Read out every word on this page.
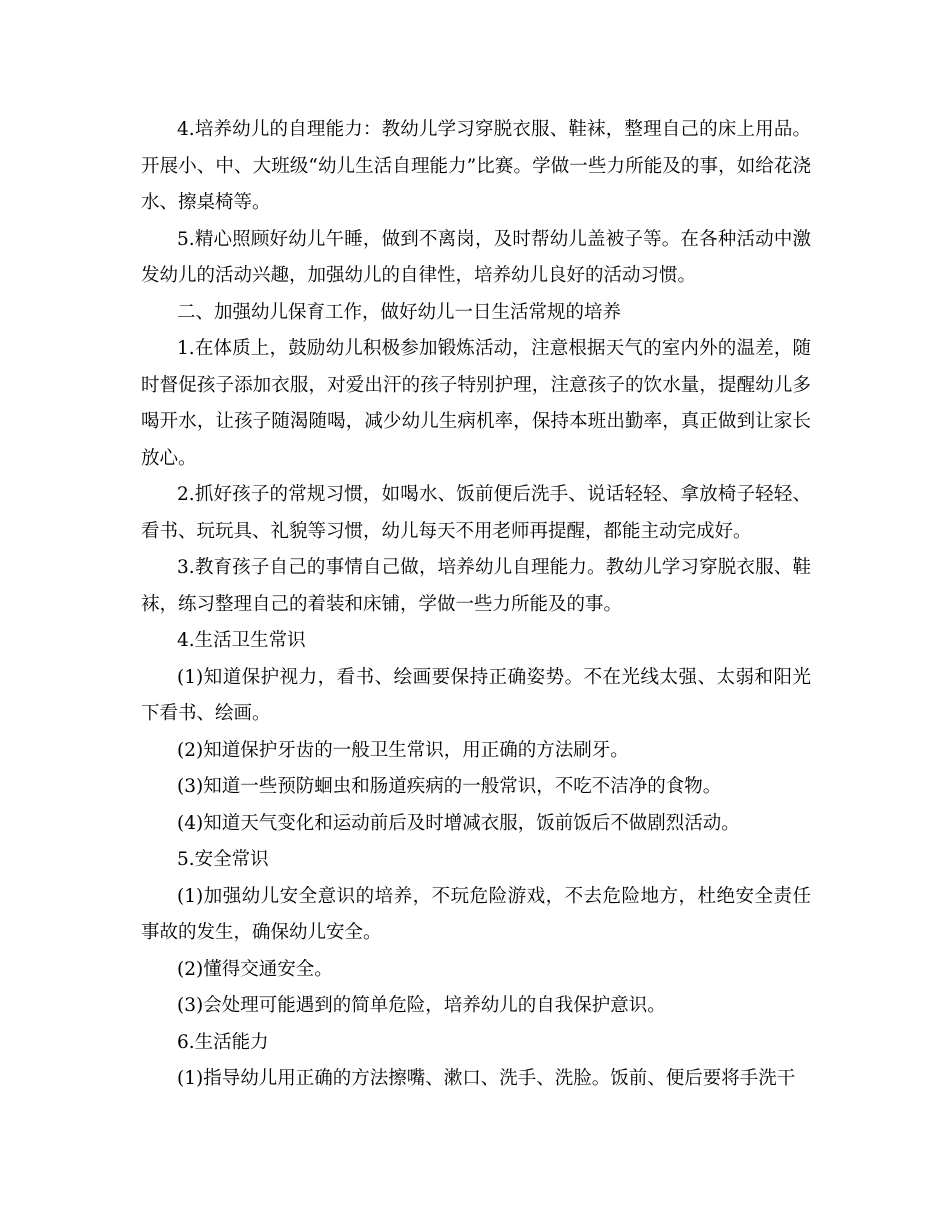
4.培养幼儿的自理能力：教幼儿学习穿脱衣服、鞋袜，整理自己的床上用品。开展小、中、大班级“幼儿生活自理能力”比赛。学做一些力所能及的事，如给花浇水、擦桌椅等。

5.精心照顾好幼儿午睡，做到不离岗，及时帮幼儿盖被子等。在各种活动中激发幼儿的活动兴趣，加强幼儿的自律性，培养幼儿良好的活动习惯。

二、加强幼儿保育工作，做好幼儿一日生活常规的培养

1.在体质上，鼓励幼儿积极参加锻炼活动，注意根据天气的室内外的温差，随时督促孩子添加衣服，对爱出汗的孩子特别护理，注意孩子的饮水量，提醒幼儿多喝开水，让孩子随渴随喝，减少幼儿生病机率，保持本班出勤率，真正做到让家长放心。

2.抓好孩子的常规习惯，如喝水、饭前便后洗手、说话轻轻、拿放椅子轻轻、看书、玩玩具、礼貌等习惯，幼儿每天不用老师再提醒，都能主动完成好。

3.教育孩子自己的事情自己做，培养幼儿自理能力。教幼儿学习穿脱衣服、鞋袜，练习整理自己的着装和床铺，学做一些力所能及的事。

4.生活卫生常识

(1)知道保护视力，看书、绘画要保持正确姿势。不在光线太强、太弱和阳光下看书、绘画。

(2)知道保护牙齿的一般卫生常识，用正确的方法刷牙。

(3)知道一些预防蛔虫和肠道疾病的一般常识，不吃不洁净的食物。

(4)知道天气变化和运动前后及时增减衣服，饭前饭后不做剧烈活动。

5.安全常识

(1)加强幼儿安全意识的培养，不玩危险游戏，不去危险地方，杜绝安全责任事故的发生，确保幼儿安全。

(2)懂得交通安全。

(3)会处理可能遇到的简单危险，培养幼儿的自我保护意识。

6.生活能力

(1)指导幼儿用正确的方法擦嘴、漱口、洗手、洗脸。饭前、便后要将手洗干
